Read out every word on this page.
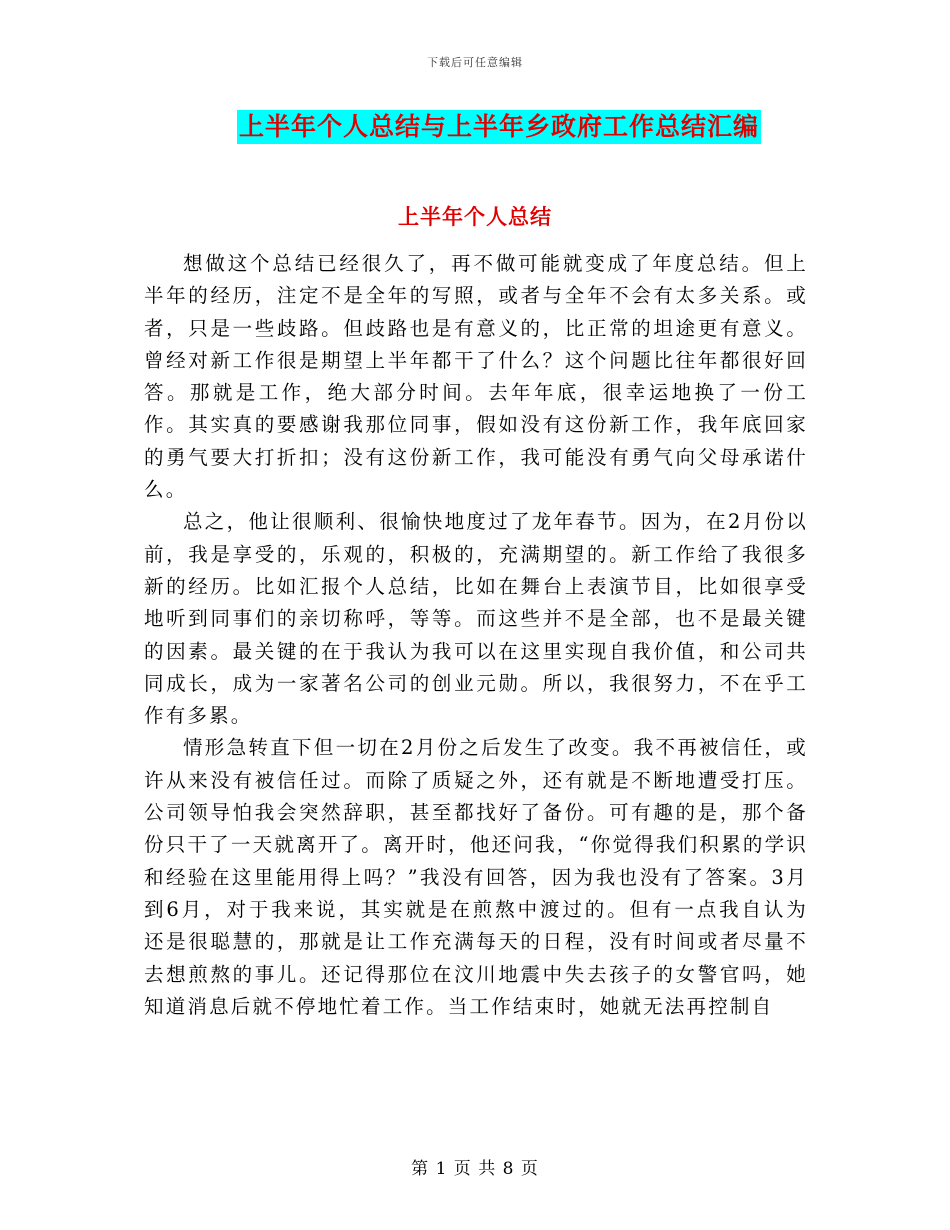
下载后可任意编辑
上半年个人总结与上半年乡政府工作总结汇编
上半年个人总结

想做这个总结已经很久了，再不做可能就变成了年度总结。但上半年的经历，注定不是全年的写照，或者与全年不会有太多关系。或者，只是一些歧路。但歧路也是有意义的，比正常的坦途更有意义。曾经对新工作很是期望上半年都干了什么？这个问题比往年都很好回答。那就是工作，绝大部分时间。去年年底，很幸运地换了一份工作。其实真的要感谢我那位同事，假如没有这份新工作，我年底回家的勇气要大打折扣；没有这份新工作，我可能没有勇气向父母承诺什么。

总之，他让很顺利、很愉快地度过了龙年春节。因为，在2月份以前，我是享受的，乐观的，积极的，充满期望的。新工作给了我很多新的经历。比如汇报个人总结，比如在舞台上表演节目，比如很享受地听到同事们的亲切称呼，等等。而这些并不是全部，也不是最关键的因素。最关键的在于我认为我可以在这里实现自我价值，和公司共同成长，成为一家著名公司的创业元勋。所以，我很努力，不在乎工作有多累。

情形急转直下但一切在2月份之后发生了改变。我不再被信任，或许从来没有被信任过。而除了质疑之外，还有就是不断地遭受打压。公司领导怕我会突然辞职，甚至都找好了备份。可有趣的是，那个备份只干了一天就离开了。离开时，他还问我，“你觉得我们积累的学识和经验在这里能用得上吗？”我没有回答，因为我也没有了答案。3月到6月，对于我来说，其实就是在煎熬中渡过的。但有一点我自认为还是很聪慧的，那就是让工作充满每天的日程，没有时间或者尽量不去想煎熬的事儿。还记得那位在汶川地震中失去孩子的女警官吗，她知道消息后就不停地忙着工作。当工作结束时，她就无法再控制自

第 1 页 共 8 页
